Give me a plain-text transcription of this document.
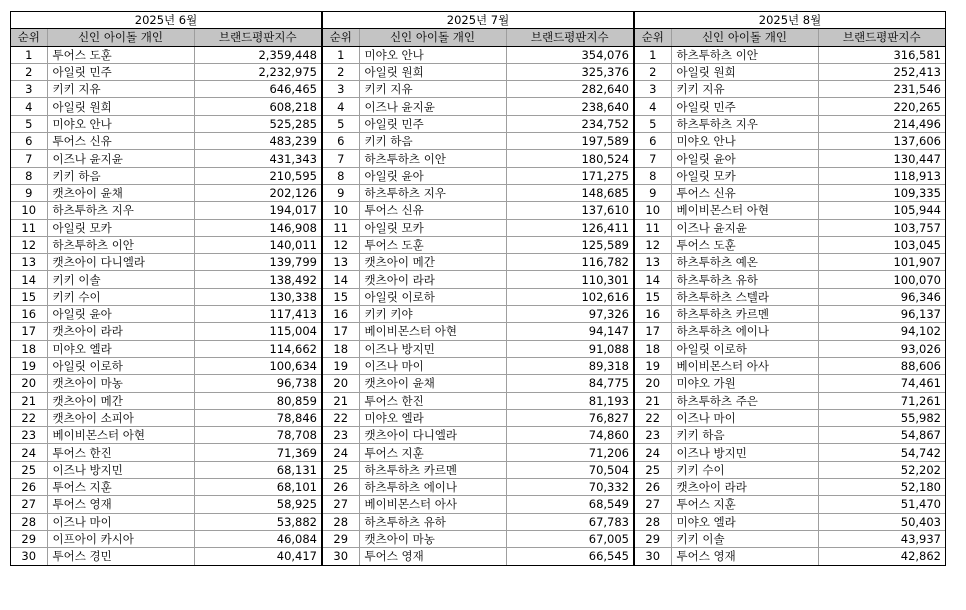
2025년 6월		
순위	신인 아이돌 개인	브랜드평판지수
1	투어스 도훈	2,359,448
2	아일릿 민주	2,232,975
3	키키 지유	646,465
4	아일릿 원희	608,218
5	미야오 안나	525,285
6	투어스 신유	483,239
7	이즈나 윤지윤	431,343
8	키키 하음	210,595
9	캣츠아이 윤채	202,126
10	하츠투하츠 지우	194,017
11	아일릿 모카	146,908
12	하츠투하츠 이안	140,011
13	캣츠아이 다니엘라	139,799
14	키키 이솔	138,492
15	키키 수이	130,338
16	아일릿 윤아	117,413
17	캣츠아이 라라	115,004
18	미야오 엘라	114,662
19	아일릿 이로하	100,634
20	캣츠아이 마농	96,738
21	캣츠아이 메간	80,859
22	캣츠아이 소피아	78,846
23	베이비몬스터 아현	78,708
24	투어스 한진	71,369
25	이즈나 방지민	68,131
26	투어스 지훈	68,101
27	투어스 영재	58,925
28	이즈나 마이	53,882
29	이프아이 카시아	46,084
30	투어스 경민	40,417
2025년 7월		
순위	신인 아이돌 개인	브랜드평판지수
1	미야오 안나	354,076
2	아일릿 원희	325,376
3	키키 지유	282,640
4	이즈나 윤지윤	238,640
5	아일릿 민주	234,752
6	키키 하음	197,589
7	하츠투하츠 이안	180,524
8	아일릿 윤아	171,275
9	하츠투하츠 지우	148,685
10	투어스 신유	137,610
11	아일릿 모카	126,411
12	투어스 도훈	125,589
13	캣츠아이 메간	116,782
14	캣츠아이 라라	110,301
15	아일릿 이로하	102,616
16	키키 키야	97,326
17	베이비몬스터 아현	94,147
18	이즈나 방지민	91,088
19	이즈나 마이	89,318
20	캣츠아이 윤채	84,775
21	투어스 한진	81,193
22	미야오 엘라	76,827
23	캣츠아이 다니엘라	74,860
24	투어스 지훈	71,206
25	하츠투하츠 카르멘	70,504
26	하츠투하츠 에이나	70,332
27	베이비몬스터 아사	68,549
28	하츠투하츠 유하	67,783
29	캣츠아이 마농	67,005
30	투어스 영재	66,545
2025년 8월		
순위	신인 아이돌 개인	브랜드평판지수
1	하츠투하츠 이안	316,581
2	아일릿 원희	252,413
3	키키 지유	231,546
4	아일릿 민주	220,265
5	하츠투하츠 지우	214,496
6	미야오 안나	137,606
7	아일릿 윤아	130,447
8	아일릿 모카	118,913
9	투어스 신유	109,335
10	베이비몬스터 아현	105,944
11	이즈나 윤지윤	103,757
12	투어스 도훈	103,045
13	하츠투하츠 예온	101,907
14	하츠투하츠 유하	100,070
15	하츠투하츠 스텔라	96,346
16	하츠투하츠 카르멘	96,137
17	하츠투하츠 에이나	94,102
18	아일릿 이로하	93,026
19	베이비몬스터 아사	88,606
20	미야오 가원	74,461
21	하츠투하츠 주은	71,261
22	이즈나 마이	55,982
23	키키 하음	54,867
24	이즈나 방지민	54,742
25	키키 수이	52,202
26	캣츠아이 라라	52,180
27	투어스 지훈	51,470
28	미야오 엘라	50,403
29	키키 이솔	43,937
30	투어스 영재	42,862
